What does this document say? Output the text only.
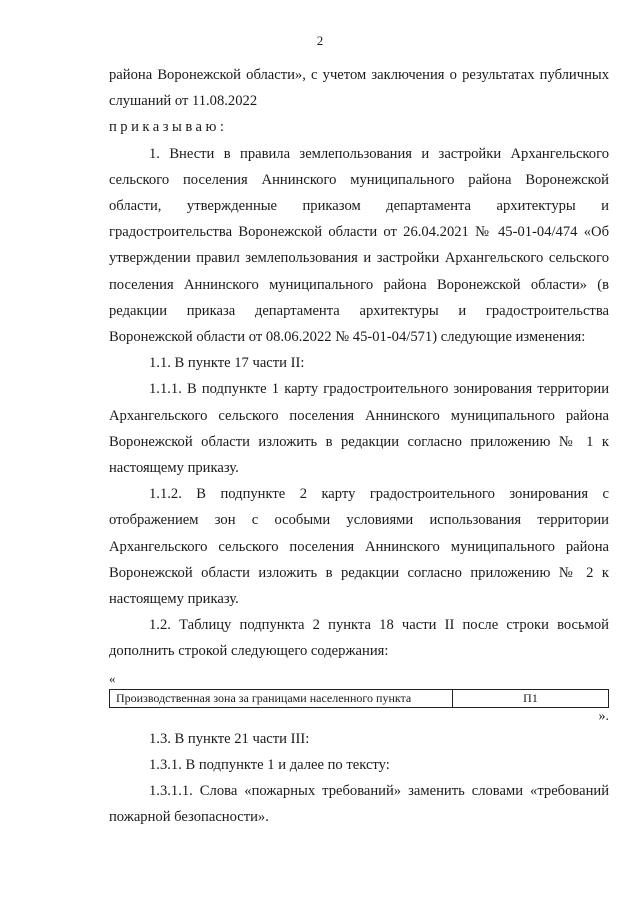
2

района Воронежской области», с учетом заключения о результатах публичных слушаний от 11.08.2022

приказываю:

1. Внести в правила землепользования и застройки Архангельского сельского поселения Аннинского муниципального района Воронежской области, утвержденные приказом департамента архитектуры и градостроительства Воронежской области от 26.04.2021 № 45-01-04/474 «Об утверждении правил землепользования и застройки Архангельского сельского поселения Аннинского муниципального района Воронежской области» (в редакции приказа департамента архитектуры и градостроительства Воронежской области от 08.06.2022 № 45-01-04/571) следующие изменения:

1.1. В пункте 17 части II:

1.1.1. В подпункте 1 карту градостроительного зонирования территории Архангельского сельского поселения Аннинского муниципального района Воронежской области изложить в редакции согласно приложению № 1 к настоящему приказу.

1.1.2. В подпункте 2 карту градостроительного зонирования с отображением зон с особыми условиями использования территории Архангельского сельского поселения Аннинского муниципального района Воронежской области изложить в редакции согласно приложению № 2 к настоящему приказу.

1.2. Таблицу подпункта 2 пункта 18 части II после строки восьмой дополнить строкой следующего содержания:

«

Производственная зона за границами населенного пункта	П1

».

1.3. В пункте 21 части III:

1.3.1. В подпункте 1 и далее по тексту:

1.3.1.1. Слова «пожарных требований» заменить словами «требований пожарной безопасности».
